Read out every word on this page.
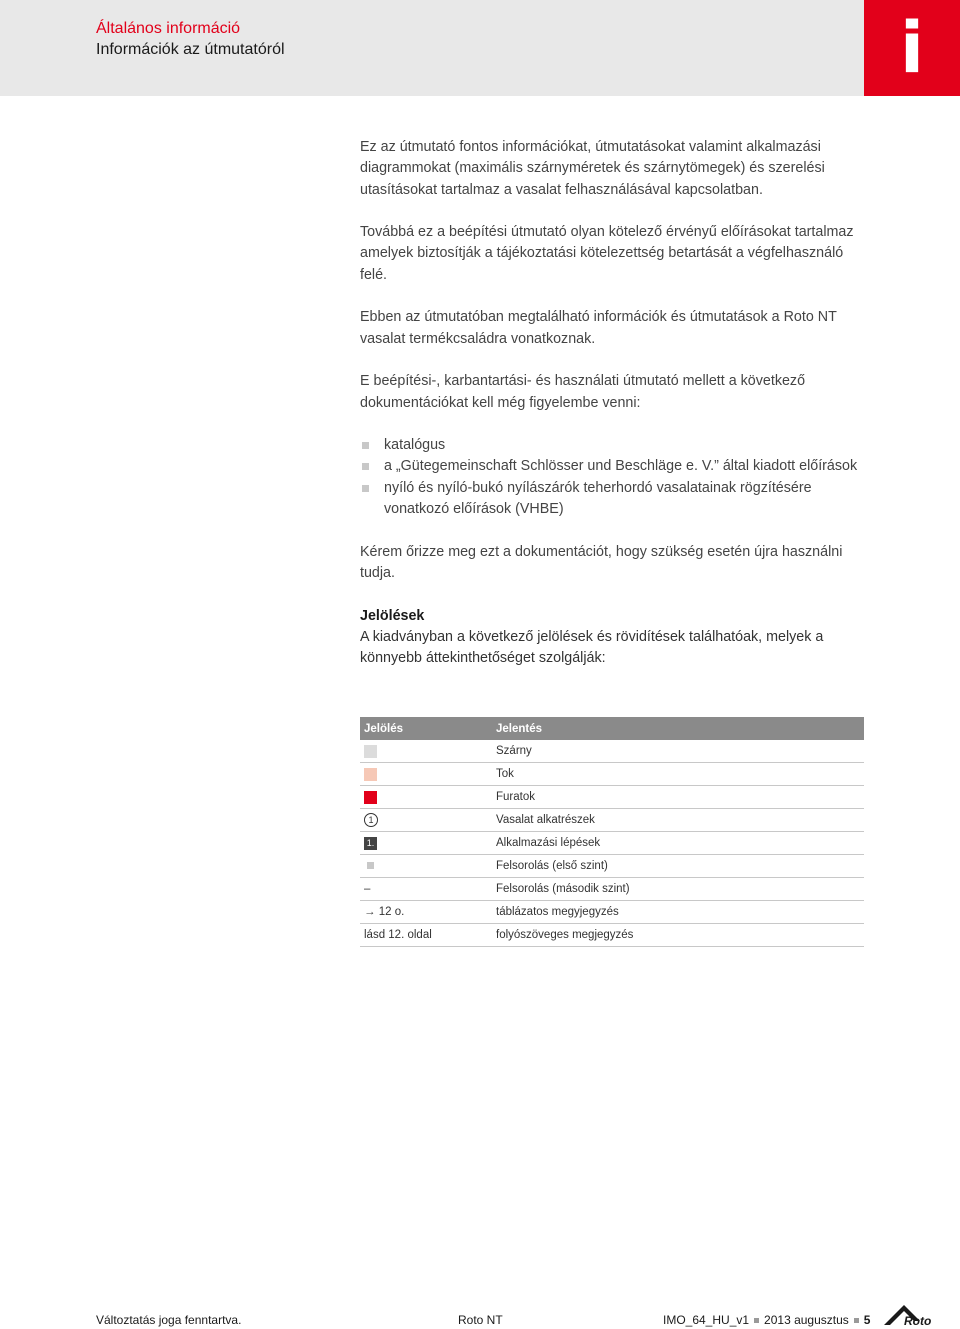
Általános információ
Információk az útmutatóról	i

Ez az útmutató fontos információkat, útmutatásokat valamint alkalmazási diagrammokat (maximális szárnyméretek és szárnytömegek) és szerelési utasításokat tartalmaz a vasalat felhasználásával kapcsolatban.

Továbbá ez a beépítési útmutató olyan kötelező érvényű előírásokat tartalmaz amelyek biztosítják a tájékoztatási kötelezettség betartását a végfelhasználó felé.

Ebben az útmutatóban megtalálható információk és útmutatások a Roto NT vasalat termékcsaládra vonatkoznak.

E beépítési-, karbantartási- és használati útmutató mellett a következő dokumentációkat kell még figyelembe venni:

katalógus
a „Gütegemeinschaft Schlösser und Beschläge e. V.” által kiadott előírások
nyíló és nyíló-bukó nyílászárók teherhordó vasalatainak rögzítésére vonatkozó előírások (VHBE)

Kérem őrizze meg ezt a dokumentációt, hogy szükség esetén újra használni tudja.

Jelölések

A kiadványban a következő jelölések és rövidítések találhatóak, melyek a könnyebb áttekinthetőséget szolgálják:

Jelölés	Jelentés
	Szárny
	Tok
	Furatok
1	Vasalat alkatrészek
1.	Alkalmazási lépések
	Felsorolás (első szint)
–	Felsorolás (második szint)
→ 12 o.	táblázatos megyjegyzés
lásd 12. oldal	folyószöveges megjegyzés
Változtatás joga fenntartva.	Roto NT	IMO_64_HU_v1 2013 augusztus 5	Roto
